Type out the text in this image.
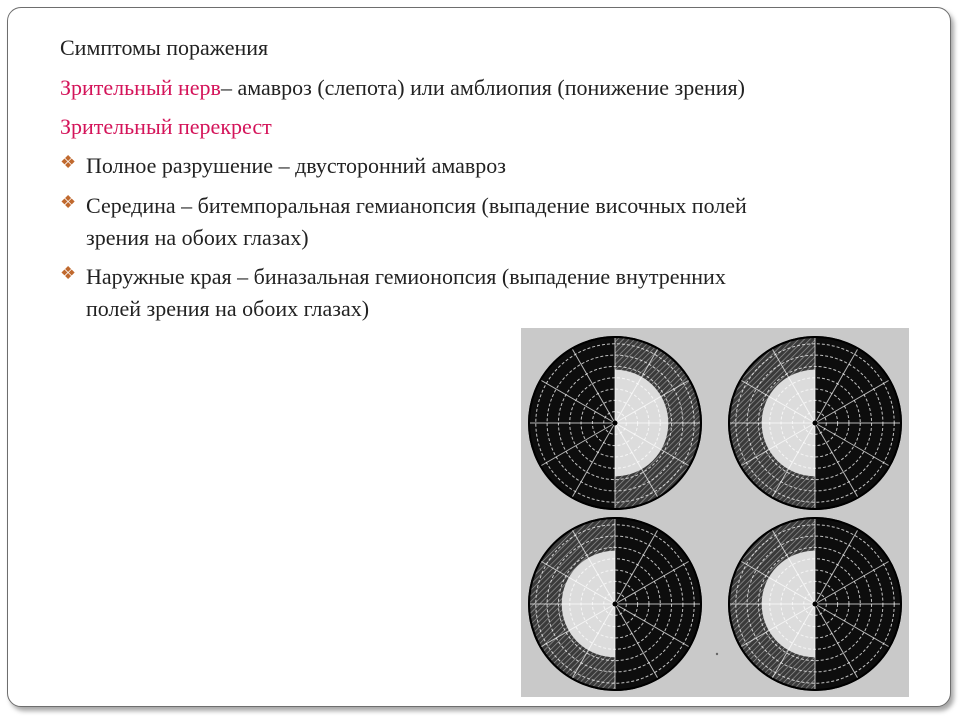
Симптомы поражения
Зрительный нерв– амавроз (слепота) или амблиопия (понижение зрения)
Зрительный перекрест
❖ Полное разрушение – двусторонний амавроз
❖ Середина – битемпоральная гемианопсия (выпадение височных полей
зрения на обоих глазах)
❖ Наружные края – биназальная гемионопсия (выпадение внутренних
полей зрения на обоих глазах)
